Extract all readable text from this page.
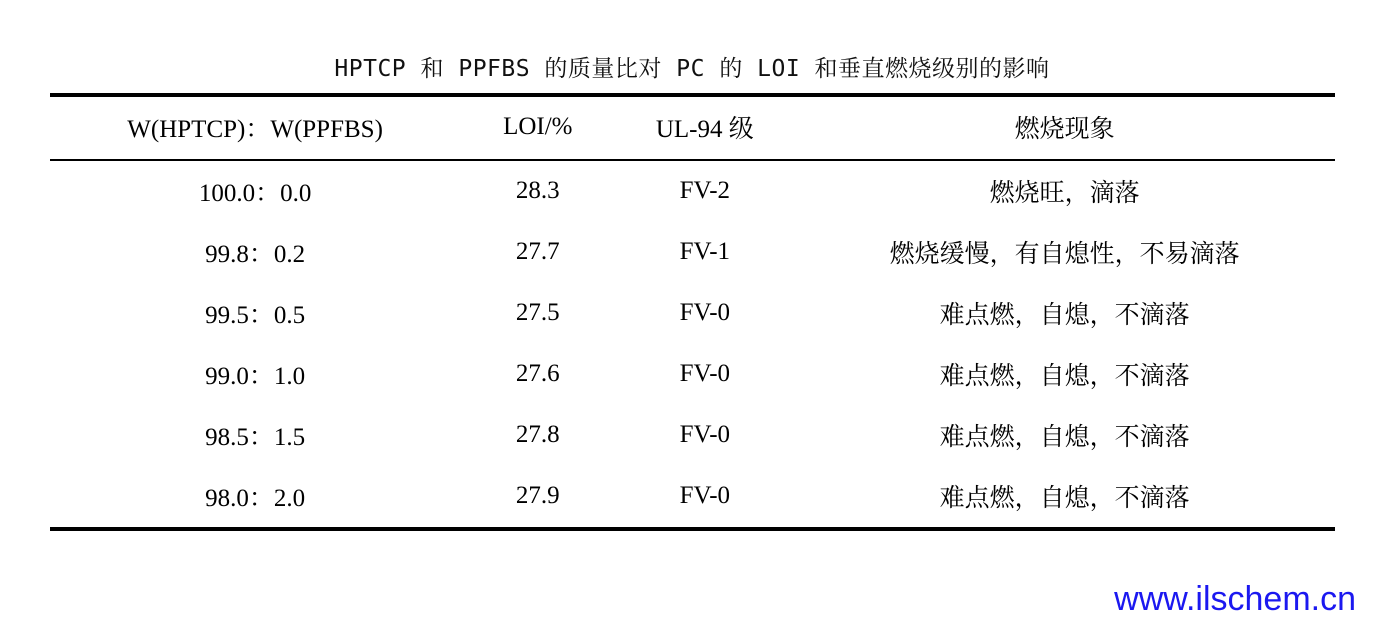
HPTCP 和 PPFBS 的质量比对 PC 的 LOI 和垂直燃烧级别的影响
W(HPTCP)：W(PPFBS)	LOI/%	UL-94 级	燃烧现象
100.0：0.0	28.3	FV-2	燃烧旺，滴落
99.8：0.2	27.7	FV-1	燃烧缓慢，有自熄性，不易滴落
99.5：0.5	27.5	FV-0	难点燃，自熄，不滴落
99.0：1.0	27.6	FV-0	难点燃，自熄，不滴落
98.5：1.5	27.8	FV-0	难点燃，自熄，不滴落
98.0：2.0	27.9	FV-0	难点燃，自熄，不滴落
www.ilschem.cn
